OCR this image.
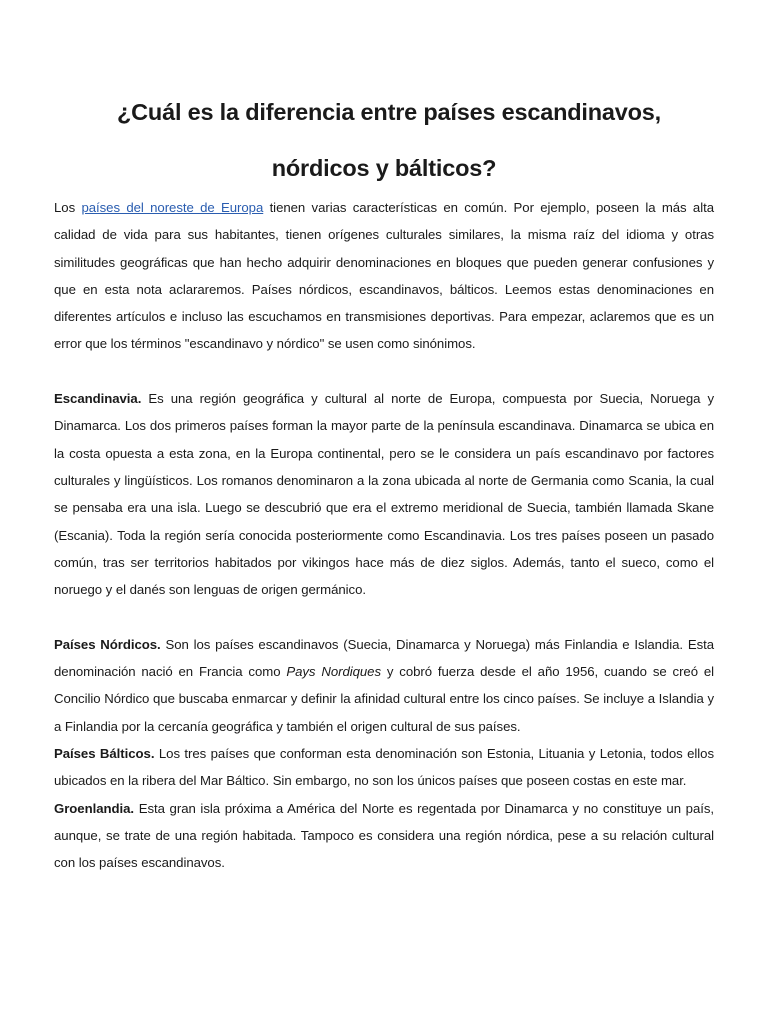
¿Cuál es la diferencia entre países escandinavos,
nórdicos y bálticos?

Los países del noreste de Europa tienen varias características en común. Por ejemplo, poseen la más alta calidad de vida para sus habitantes, tienen orígenes culturales similares, la misma raíz del idioma y otras similitudes geográficas que han hecho adquirir denominaciones en bloques que pueden generar confusiones y que en esta nota aclararemos. Países nórdicos, escandinavos, bálticos. Leemos estas denominaciones en diferentes artículos e incluso las escuchamos en transmisiones deportivas. Para empezar, aclaremos que es un error que los términos "escandinavo y nórdico" se usen como sinónimos.

Escandinavia. Es una región geográfica y cultural al norte de Europa, compuesta por Suecia, Noruega y Dinamarca. Los dos primeros países forman la mayor parte de la península escandinava. Dinamarca se ubica en la costa opuesta a esta zona, en la Europa continental, pero se le considera un país escandinavo por factores culturales y lingüísticos. Los romanos denominaron a la zona ubicada al norte de Germania como Scania, la cual se pensaba era una isla. Luego se descubrió que era el extremo meridional de Suecia, también llamada Skane (Escania). Toda la región sería conocida posteriormente como Escandinavia. Los tres países poseen un pasado común, tras ser territorios habitados por vikingos hace más de diez siglos. Además, tanto el sueco, como el noruego y el danés son lenguas de origen germánico.

Países Nórdicos. Son los países escandinavos (Suecia, Dinamarca y Noruega) más Finlandia e Islandia. Esta denominación nació en Francia como Pays Nordiques y cobró fuerza desde el año 1956, cuando se creó el Concilio Nórdico que buscaba enmarcar y definir la afinidad cultural entre los cinco países. Se incluye a Islandia y a Finlandia por la cercanía geográfica y también el origen cultural de sus países.

Países Bálticos. Los tres países que conforman esta denominación son Estonia, Lituania y Letonia, todos ellos ubicados en la ribera del Mar Báltico. Sin embargo, no son los únicos países que poseen costas en este mar.

Groenlandia. Esta gran isla próxima a América del Norte es regentada por Dinamarca y no constituye un país, aunque, se trate de una región habitada. Tampoco es considera una región nórdica, pese a su relación cultural con los países escandinavos.
